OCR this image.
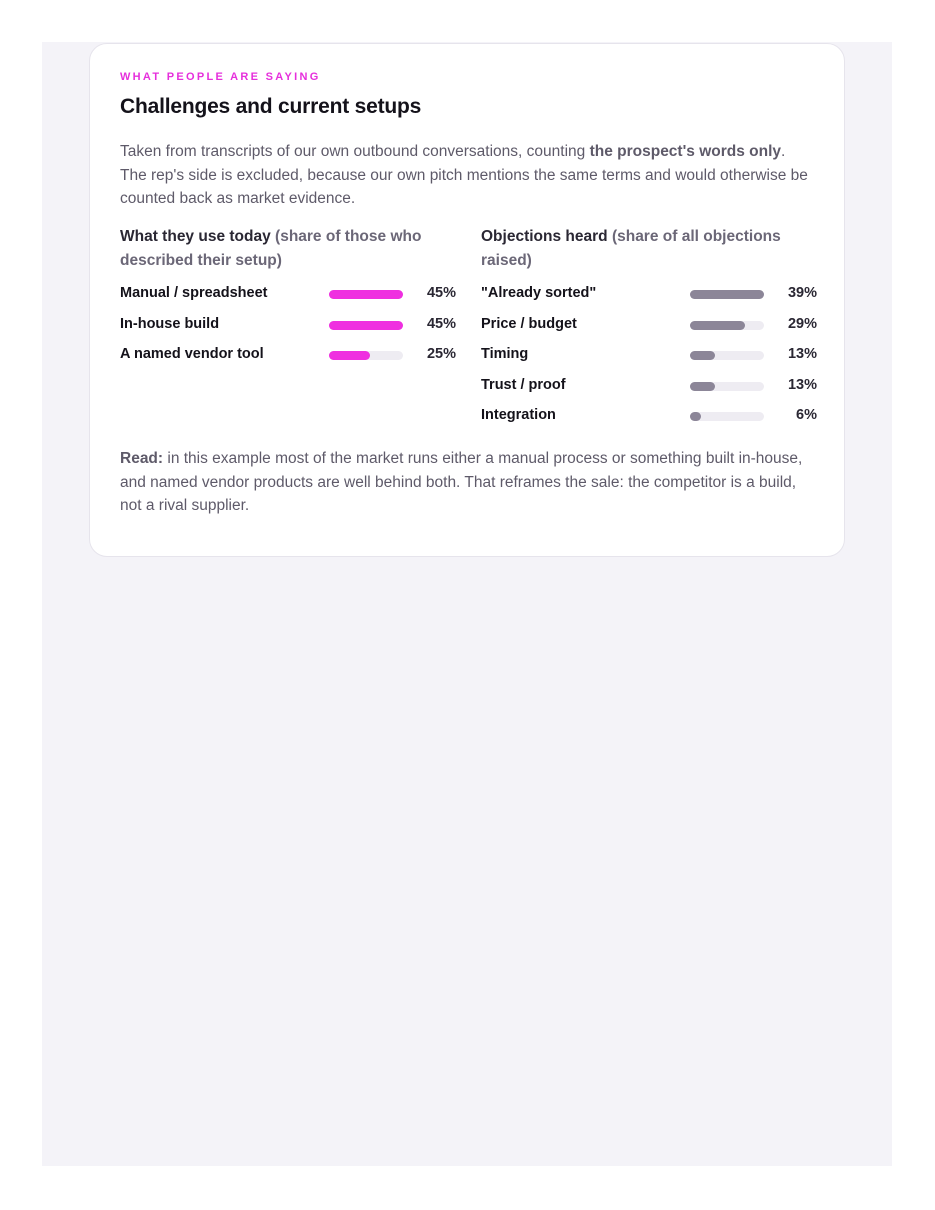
WHAT PEOPLE ARE SAYING
Challenges and current setups

Taken from transcripts of our own outbound conversations, counting the prospect's words only. The rep's side is excluded, because our own pitch mentions the same terms and would otherwise be counted back as market evidence.

What they use today (share of those who described their setup)
Manual / spreadsheet	45%
In-house build	45%
A named vendor tool	25%
Objections heard (share of all objections raised)
"Already sorted"	39%
Price / budget	29%
Timing	13%
Trust / proof	13%
Integration	6%

Read: in this example most of the market runs either a manual process or something built in-house, and named vendor products are well behind both. That reframes the sale: the competitor is a build, not a rival supplier.
